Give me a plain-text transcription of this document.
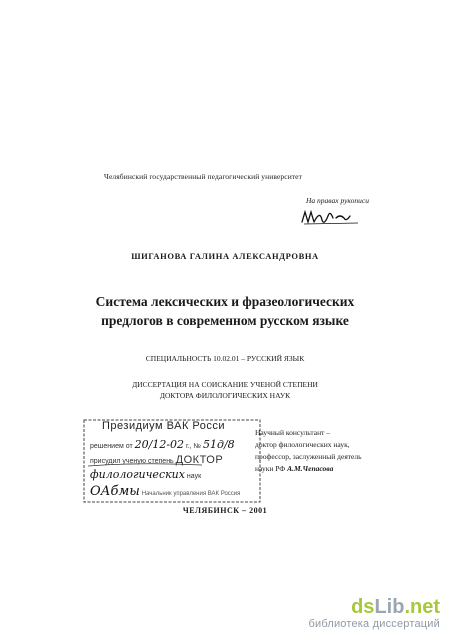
Челябинский государственный педагогический университет
На правах рукописи
ШИГАНОВА ГАЛИНА АЛЕКСАНДРОВНА
Система лексических и фразеологических
предлогов в современном русском языке
СПЕЦИАЛЬНОСТЬ 10.02.01 – РУССКИЙ ЯЗЫК
ДИССЕРТАЦИЯ НА СОИСКАНИЕ УЧЕНОЙ СТЕПЕНИ
ДОКТОРА ФИЛОЛОГИЧЕСКИХ НАУК
Президиум ВАК Росси
решением от 20/12-02 г., № 51д/8
присудил ученую степень ДОКТОР
филологических наук
ОАбмы Начальник управления ВАК Россия
Научный консультант –
доктор филологических наук,
профессор, заслуженный деятель
науки РФ А.М.Чепасова
ЧЕЛЯБИНСК – 2001
dsLib.net
библиотека диссертаций
